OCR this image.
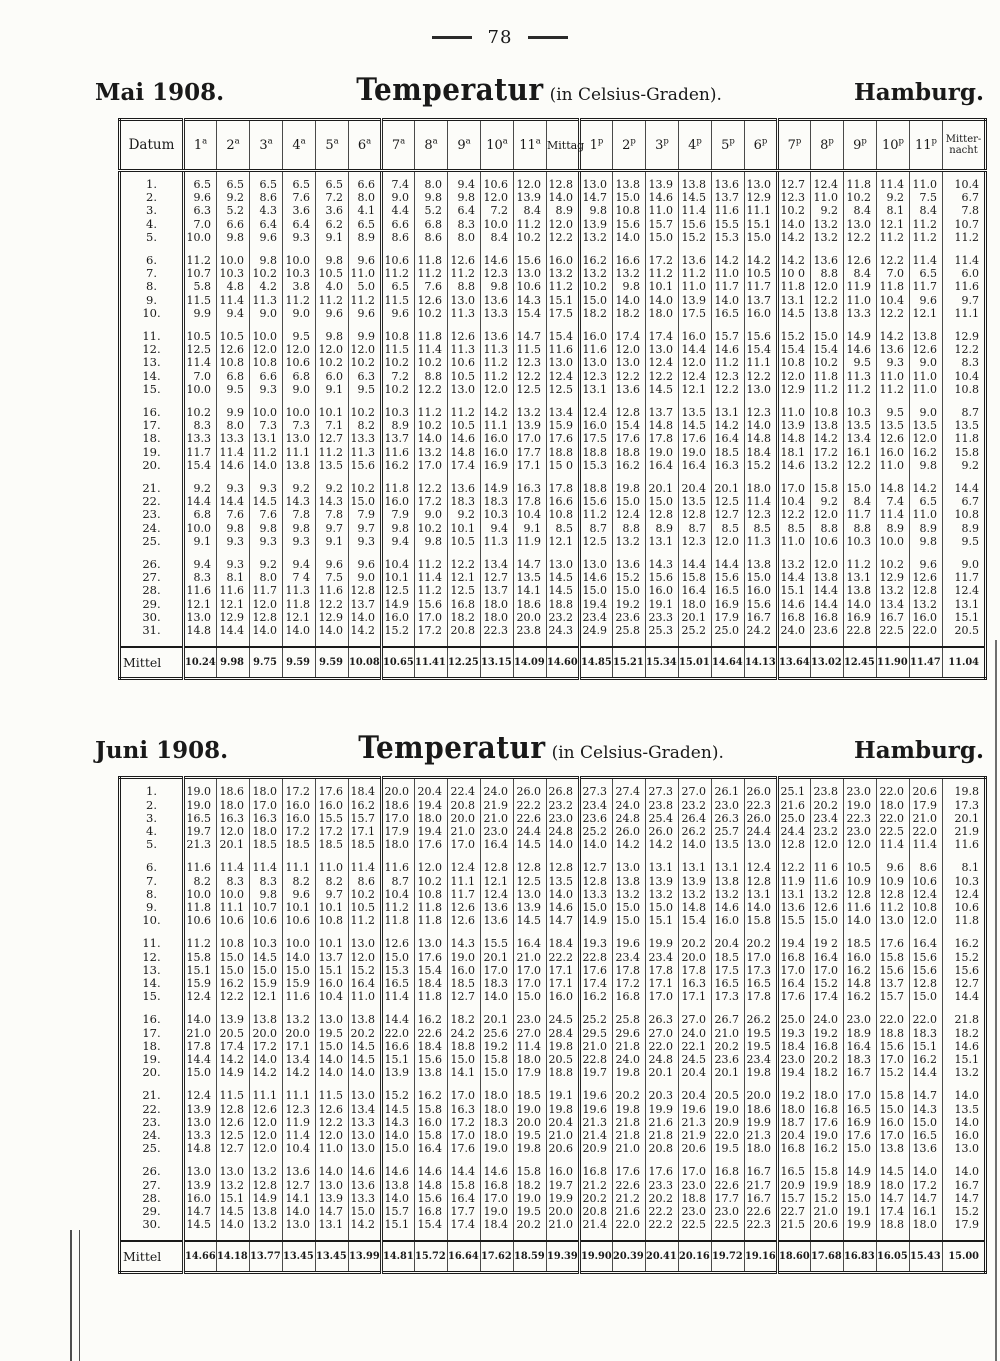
78
Mai 1908.	Temperatur (in Celsius-Graden).	Hamburg.
Datum	1$^a$	2$^a$	3$^a$	4$^a$	5$^a$	6$^a$	7$^a$	8$^a$	9$^a$	10$^a$	11$^a$	Mittag	1$^p$	2$^p$	3$^p$	4$^p$	5$^p$	6$^p$	7$^p$	8$^p$	9$^p$	10$^p$	11$^p$	Mitter-
nacht
1.	6.5	6.5	6.5	6.5	6.5	6.6	7.4	8.0	9.4	10.6	12.0	12.8	13.0	13.8	13.9	13.8	13.6	13.0	12.7	12.4	11.8	11.4	11.0	10.4
2.	9.6	9.2	8.6	7.6	7.2	8.0	9.0	9.8	9.8	12.0	13.9	14.0	14.7	15.0	14.6	14.5	13.7	12.9	12.3	11.0	10.2	9.2	7.5	6.7
3.	6.3	5.2	4.3	3.6	3.6	4.1	4.4	5.2	6.4	7.2	8.4	8.9	9.8	10.8	11.0	11.4	11.6	11.1	10.2	9.2	8.4	8.1	8.4	7.8
4.	7.0	6.6	6.4	6.4	6.2	6.5	6.6	6.8	8.3	10.0	11.2	12.0	13.9	15.6	15.7	15.6	15.5	15.1	14.0	13.2	13.0	12.1	11.2	10.7
5.	10.0	9.8	9.6	9.3	9.1	8.9	8.6	8.6	8.0	8.4	10.2	12.2	13.2	14.0	15.0	15.2	15.3	15.0	14.2	13.2	12.2	11.2	11.2	11.2
6.	11.2	10.0	9.8	10.0	9.8	9.6	10.6	11.8	12.6	14.6	15.6	16.0	16.2	16.6	17.2	13.6	14.2	14.2	14.2	13.6	12.6	12.2	11.4	11.4
7.	10.7	10.3	10.2	10.3	10.5	11.0	11.2	11.2	11.2	12.3	13.0	13.2	13.2	13.2	11.2	11.2	11.0	10.5	10 0	8.8	8.4	7.0	6.5	6.0
8.	5.8	4.8	4.2	3.8	4.0	5.0	6.5	7.6	8.8	9.8	10.6	11.2	10.2	9.8	10.1	11.0	11.7	11.7	11.8	12.0	11.9	11.8	11.7	11.6
9.	11.5	11.4	11.3	11.2	11.2	11.2	11.5	12.6	13.0	13.6	14.3	15.1	15.0	14.0	14.0	13.9	14.0	13.7	13.1	12.2	11.0	10.4	9.6	9.7
10.	9.9	9.4	9.0	9.0	9.6	9.6	9.6	10.2	11.3	13.3	15.4	17.5	18.2	18.2	18.0	17.5	16.5	16.0	14.5	13.8	13.3	12.2	12.1	11.1
11.	10.5	10.5	10.0	9.5	9.8	9.9	10.8	11.8	12.6	13.6	14.7	15.4	16.0	17.4	17.4	16.0	15.7	15.6	15.2	15.0	14.9	14.2	13.8	12.9
12.	12.5	12.6	12.0	12.0	12.0	12.0	11.5	11.4	11.3	11.3	11.5	11.6	11.6	12.0	13.0	14.4	14.6	15.4	15.4	15.4	14.6	13.6	12.6	12.2
13.	11.4	10.8	10.8	10.6	10.2	10.2	10.2	10.2	10.6	11.2	12.3	13.0	13.0	13.0	12.4	12.0	11.2	11.1	10.8	10.2	9.5	9.3	9.0	8.3
14.	7.0	6.8	6.6	6.8	6.0	6.3	7.2	8.8	10.5	11.2	12.2	12.4	12.3	12.2	12.2	12.4	12.3	12.2	12.0	11.8	11.3	11.0	11.0	10.4
15.	10.0	9.5	9.3	9.0	9.1	9.5	10.2	12.2	13.0	12.0	12.5	12.5	13.1	13.6	14.5	12.1	12.2	13.0	12.9	11.2	11.2	11.2	11.0	10.8
16.	10.2	9.9	10.0	10.0	10.1	10.2	10.3	11.2	11.2	14.2	13.2	13.4	12.4	12.8	13.7	13.5	13.1	12.3	11.0	10.8	10.3	9.5	9.0	8.7
17.	8.3	8.0	7.3	7.3	7.1	8.2	8.9	10.2	10.5	11.1	13.9	15.9	16.0	15.4	14.8	14.5	14.2	14.0	13.9	13.8	13.5	13.5	13.5	13.5
18.	13.3	13.3	13.1	13.0	12.7	13.3	13.7	14.0	14.6	16.0	17.0	17.6	17.5	17.6	17.8	17.6	16.4	14.8	14.8	14.2	13.4	12.6	12.0	11.8
19.	11.7	11.4	11.2	11.1	11.2	11.3	11.6	13.2	14.8	16.0	17.7	18.8	18.8	18.8	19.0	19.0	18.5	18.4	18.1	17.2	16.1	16.0	16.2	15.8
20.	15.4	14.6	14.0	13.8	13.5	15.6	16.2	17.0	17.4	16.9	17.1	15 0	15.3	16.2	16.4	16.4	16.3	15.2	14.6	13.2	12.2	11.0	9.8	9.2
21.	9.2	9.3	9.3	9.2	9.2	10.2	11.8	12.2	13.6	14.9	16.3	17.8	18.8	19.8	20.1	20.4	20.1	18.0	17.0	15.8	15.0	14.8	14.2	14.4
22.	14.4	14.4	14.5	14.3	14.3	15.0	16.0	17.2	18.3	18.3	17.8	16.6	15.6	15.0	15.0	13.5	12.5	11.4	10.4	9.2	8.4	7.4	6.5	6.7
23.	6.8	7.6	7.6	7.8	7.8	7.9	7.9	9.0	9.2	10.3	10.4	10.8	11.2	12.4	12.8	12.8	12.7	12.3	12.2	12.0	11.7	11.4	11.0	10.8
24.	10.0	9.8	9.8	9.8	9.7	9.7	9.8	10.2	10.1	9.4	9.1	8.5	8.7	8.8	8.9	8.7	8.5	8.5	8.5	8.8	8.8	8.9	8.9	8.9
25.	9.1	9.3	9.3	9.3	9.1	9.3	9.4	9.8	10.5	11.3	11.9	12.1	12.5	13.2	13.1	12.3	12.0	11.3	11.0	10.6	10.3	10.0	9.8	9.5
26.	9.4	9.3	9.2	9.4	9.6	9.6	10.4	11.2	12.2	13.4	14.7	13.0	13.0	13.6	14.3	14.4	14.4	13.8	13.2	12.0	11.2	10.2	9.6	9.0
27.	8.3	8.1	8.0	7 4	7.5	9.0	10.1	11.4	12.1	12.7	13.5	14.5	14.6	15.2	15.6	15.8	15.6	15.0	14.4	13.8	13.1	12.9	12.6	11.7
28.	11.6	11.6	11.7	11.3	11.6	12.8	12.5	11.2	12.5	13.7	14.1	14.5	15.0	15.0	16.0	16.4	16.5	16.0	15.1	14.4	13.8	13.2	12.8	12.4
29.	12.1	12.1	12.0	11.8	12.2	13.7	14.9	15.6	16.8	18.0	18.6	18.8	19.4	19.2	19.1	18.0	16.9	15.6	14.6	14.4	14.0	13.4	13.2	13.1
30.	13.0	12.9	12.8	12.1	12.9	14.0	16.0	17.0	18.2	18.0	20.0	23.2	23.4	23.6	23.3	20.1	17.9	16.7	16.8	16.8	16.9	16.7	16.0	15.1
31.	14.8	14.4	14.0	14.0	14.0	14.2	15.2	17.2	20.8	22.3	23.8	24.3	24.9	25.8	25.3	25.2	25.0	24.2	24.0	23.6	22.8	22.5	22.0	20.5
Mittel	10.24	9.98	9.75	9.59	9.59	10.08	10.65	11.41	12.25	13.15	14.09	14.60	14.85	15.21	15.34	15.01	14.64	14.13	13.64	13.02	12.45	11.90	11.47	11.04
Juni 1908.	Temperatur (in Celsius-Graden).	Hamburg.
1.	19.0	18.6	18.0	17.2	17.6	18.4	20.0	20.4	22.4	24.0	26.0	26.8	27.3	27.4	27.3	27.0	26.1	26.0	25.1	23.8	23.0	22.0	20.6	19.8
2.	19.0	18.0	17.0	16.0	16.0	16.2	18.6	19.4	20.8	21.9	22.2	23.2	23.4	24.0	23.8	23.2	23.0	22.3	21.6	20.2	19.0	18.0	17.9	17.3
3.	16.5	16.3	16.3	16.0	15.5	15.7	17.0	18.0	20.0	21.0	22.6	23.0	23.6	24.8	25.4	26.4	26.3	26.0	25.0	23.4	22.3	22.0	21.0	20.1
4.	19.7	12.0	18.0	17.2	17.2	17.1	17.9	19.4	21.0	23.0	24.4	24.8	25.2	26.0	26.0	26.2	25.7	24.4	24.4	23.2	23.0	22.5	22.0	21.9
5.	21.3	20.1	18.5	18.5	18.5	18.5	18.0	17.6	17.0	16.4	14.5	14.0	14.0	14.2	14.2	14.0	13.5	13.0	12.8	12.0	12.0	11.4	11.4	11.6
6.	11.6	11.4	11.4	11.1	11.0	11.4	11.6	12.0	12.4	12.8	12.8	12.8	12.7	13.0	13.1	13.1	13.1	12.4	12.2	11 6	10.5	9.6	8.6	8.1
7.	8.2	8.3	8.3	8.2	8.2	8.6	8.7	10.2	11.1	12.1	12.5	13.5	12.8	13.8	13.9	13.9	13.8	12.8	11.9	11.6	10.9	10.9	10.6	10.3
8.	10.0	10.0	9.8	9.6	9.7	10.2	10.4	10.8	11.7	12.4	13.0	14.0	13.3	13.2	13.2	13.2	13.2	13.1	13.1	13.2	12.8	12.8	12.4	12.4
9.	11.8	11.1	10.7	10.1	10.1	10.5	11.2	11.8	12.6	13.6	13.9	14.6	15.0	15.0	15.0	14.8	14.6	14.0	13.6	12.6	11.6	11.2	10.8	10.6
10.	10.6	10.6	10.6	10.6	10.8	11.2	11.8	11.8	12.6	13.6	14.5	14.7	14.9	15.0	15.1	15.4	16.0	15.8	15.5	15.0	14.0	13.0	12.0	11.8
11.	11.2	10.8	10.3	10.0	10.1	13.0	12.6	13.0	14.3	15.5	16.4	18.4	19.3	19.6	19.9	20.2	20.4	20.2	19.4	19 2	18.5	17.6	16.4	16.2
12.	15.8	15.0	14.5	14.0	13.7	12.0	15.0	17.6	19.0	20.1	21.0	22.2	22.8	23.4	23.4	20.0	18.5	17.0	16.8	16.4	16.0	15.8	15.6	15.2
13.	15.1	15.0	15.0	15.0	15.1	15.2	15.3	15.4	16.0	17.0	17.0	17.1	17.6	17.8	17.8	17.8	17.5	17.3	17.0	17.0	16.2	15.6	15.6	15.6
14.	15.9	16.2	15.9	15.9	16.0	16.4	16.5	18.4	18.5	18.3	17.0	17.1	17.4	17.2	17.1	16.3	16.5	16.5	16.4	15.2	14.8	13.7	12.8	12.7
15.	12.4	12.2	12.1	11.6	10.4	11.0	11.4	11.8	12.7	14.0	15.0	16.0	16.2	16.8	17.0	17.1	17.3	17.8	17.6	17.4	16.2	15.7	15.0	14.4
16.	14.0	13.9	13.8	13.2	13.0	13.8	14.4	16.2	18.2	20.1	23.0	24.5	25.2	25.8	26.3	27.0	26.7	26.2	25.0	24.0	23.0	22.0	22.0	21.8
17.	21.0	20.5	20.0	20.0	19.5	20.2	22.0	22.6	24.2	25.6	27.0	28.4	29.5	29.6	27.0	24.0	21.0	19.5	19.3	19.2	18.9	18.8	18.3	18.2
18.	17.8	17.4	17.2	17.1	15.0	14.5	16.6	18.4	18.8	19.2	11.4	19.8	21.0	21.8	22.0	22.1	20.2	19.5	18.4	16.8	16.4	15.6	15.1	14.6
19.	14.4	14.2	14.0	13.4	14.0	14.5	15.1	15.6	15.0	15.8	18.0	20.5	22.8	24.0	24.8	24.5	23.6	23.4	23.0	20.2	18.3	17.0	16.2	15.1
20.	15.0	14.9	14.2	14.2	14.0	14.0	13.9	13.8	14.1	15.0	17.9	18.8	19.7	19.8	20.1	20.4	20.1	19.8	19.4	18.2	16.7	15.2	14.4	13.2
21.	12.4	11.5	11.1	11.1	11.5	13.0	15.2	16.2	17.0	18.0	18.5	19.1	19.6	20.2	20.3	20.4	20.5	20.0	19.2	18.0	17.0	15.8	14.7	14.0
22.	13.9	12.8	12.6	12.3	12.6	13.4	14.5	15.8	16.3	18.0	19.0	19.8	19.6	19.8	19.9	19.6	19.0	18.6	18.0	16.8	16.5	15.0	14.3	13.5
23.	13.0	12.6	12.0	11.9	12.2	13.3	14.3	16.0	17.2	18.3	20.0	20.4	21.3	21.8	21.6	21.3	20.9	19.9	18.7	17.6	16.9	16.0	15.0	14.0
24.	13.3	12.5	12.0	11.4	12.0	13.0	14.0	15.8	17.0	18.0	19.5	21.0	21.4	21.8	21.8	21.9	22.0	21.3	20.4	19.0	17.6	17.0	16.5	16.0
25.	14.8	12.7	12.0	10.4	11.0	13.0	15.0	16.4	17.6	19.0	19.8	20.6	20.9	21.0	20.8	20.6	19.5	18.0	16.8	16.2	15.0	13.8	13.6	13.0
26.	13.0	13.0	13.2	13.6	14.0	14.6	14.6	14.6	14.4	14.6	15.8	16.0	16.8	17.6	17.6	17.0	16.8	16.7	16.5	15.8	14.9	14.5	14.0	14.0
27.	13.9	13.2	12.8	12.7	13.0	13.6	13.8	14.8	15.8	16.8	18.2	19.7	21.2	22.6	23.3	23.0	22.6	21.7	20.9	19.9	18.9	18.0	17.2	16.7
28.	16.0	15.1	14.9	14.1	13.9	13.3	14.0	15.6	16.4	17.0	19.0	19.9	20.2	21.2	20.2	18.8	17.7	16.7	15.7	15.2	15.0	14.7	14.7	14.7
29.	14.7	14.5	13.8	14.0	14.7	15.0	15.7	16.8	17.7	19.0	19.5	20.0	20.8	21.6	22.2	23.0	23.0	22.6	22.7	21.0	19.1	17.4	16.1	15.2
30.	14.5	14.0	13.2	13.0	13.1	14.2	15.1	15.4	17.4	18.4	20.2	21.0	21.4	22.0	22.2	22.5	22.5	22.3	21.5	20.6	19.9	18.8	18.0	17.9
Mittel	14.66	14.18	13.77	13.45	13.45	13.99	14.81	15.72	16.64	17.62	18.59	19.39	19.90	20.39	20.41	20.16	19.72	19.16	18.60	17.68	16.83	16.05	15.43	15.00
